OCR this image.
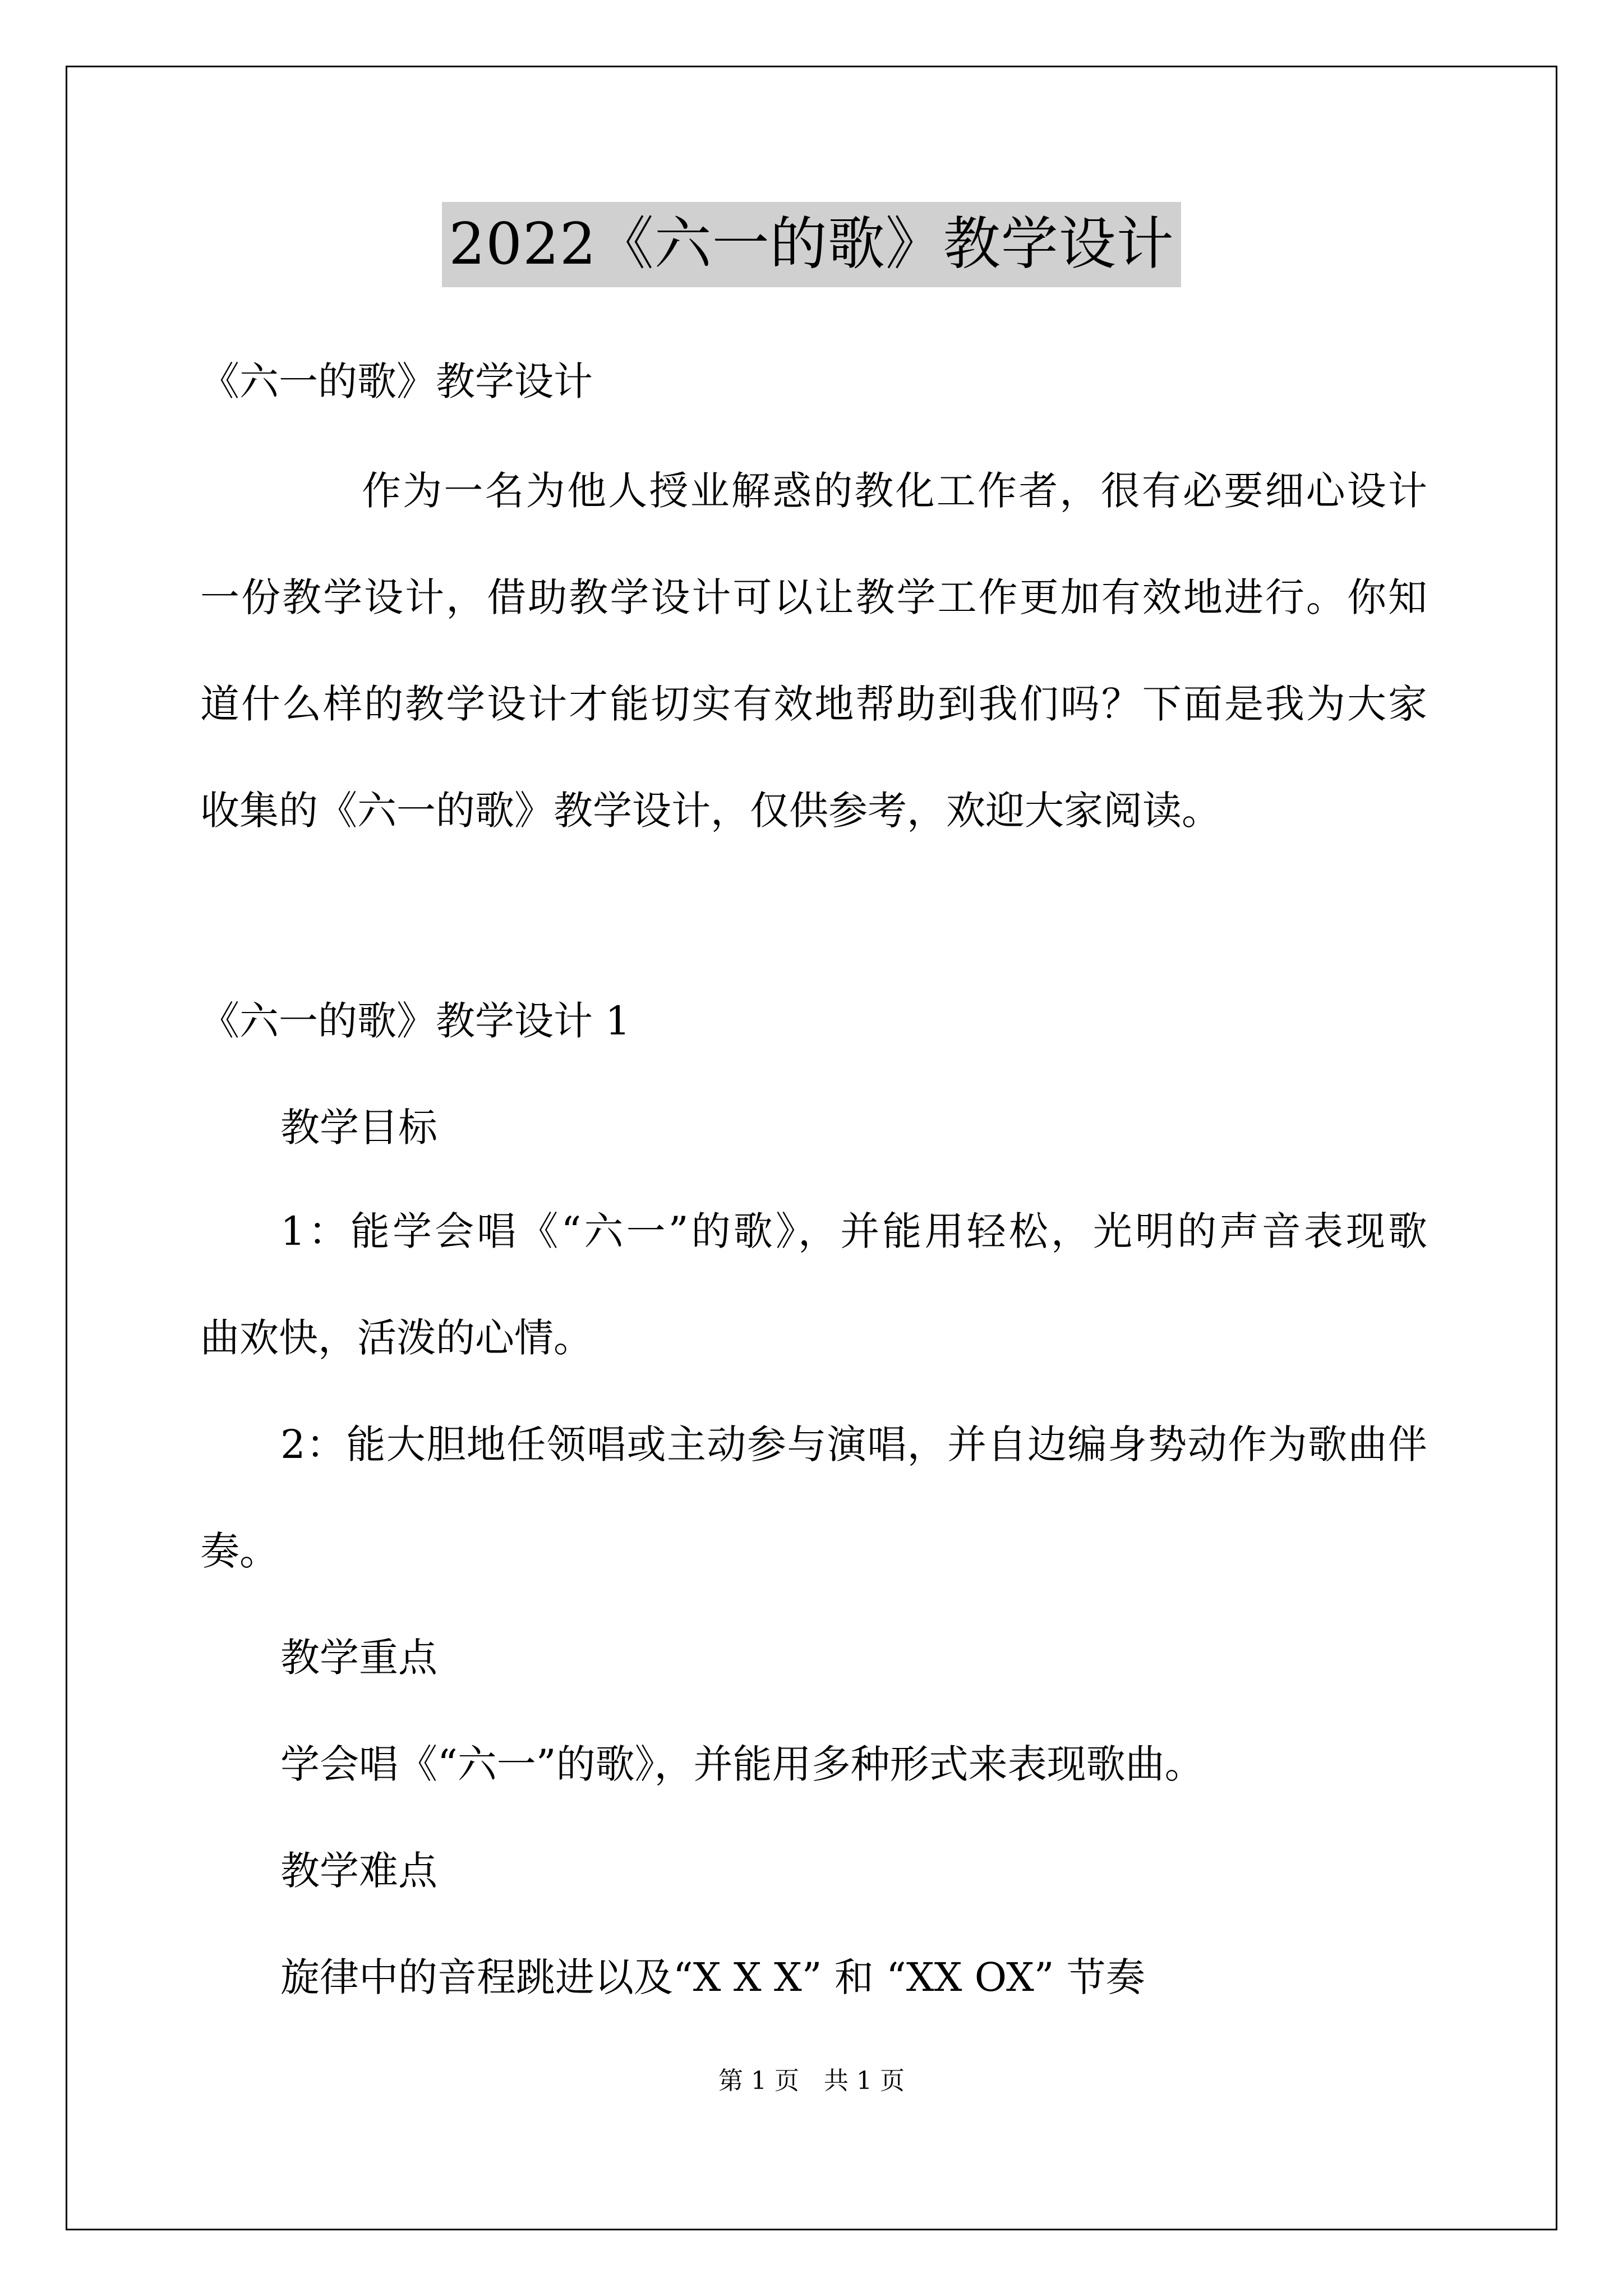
2022《六一的歌》教学设计
《六一的歌》教学设计
作为一名为他人授业解惑的教化工作者，很有必要细心设计
一份教学设计，借助教学设计可以让教学工作更加有效地进行。你知
道什么样的教学设计才能切实有效地帮助到我们吗？下面是我为大家
收集的《六一的歌》教学设计，仅供参考，欢迎大家阅读。
《六一的歌》教学设计 1
教学目标
1：能学会唱《“六一”的歌》，并能用轻松，光明的声音表现歌
曲欢快，活泼的心情。
2：能大胆地任领唱或主动参与演唱，并自边编身势动作为歌曲伴
奏。
教学重点
学会唱《“六一”的歌》，并能用多种形式来表现歌曲。
教学难点
旋律中的音程跳进以及“X X X” 和 “XX OX” 节奏
第 1 页　共 1 页
